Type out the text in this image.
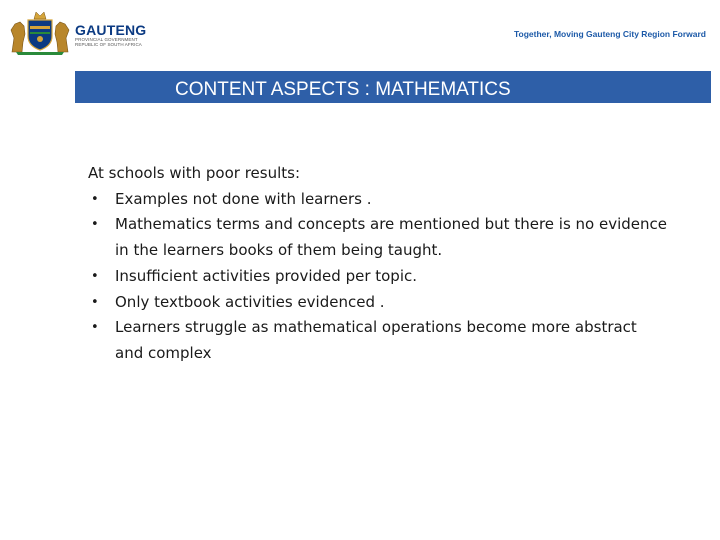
GAUTENG
PROVINCIAL GOVERNMENT
REPUBLIC OF SOUTH AFRICA
Together, Moving Gauteng City Region Forward
CONTENT ASPECTS : MATHEMATICS
At schools with poor results:
• Examples not done with learners .
• Mathematics terms and concepts are mentioned but there is no evidence in the learners books of them being taught.
• Insufficient activities provided per topic.
• Only textbook activities evidenced .
• Learners struggle as mathematical operations become more abstract and complex
